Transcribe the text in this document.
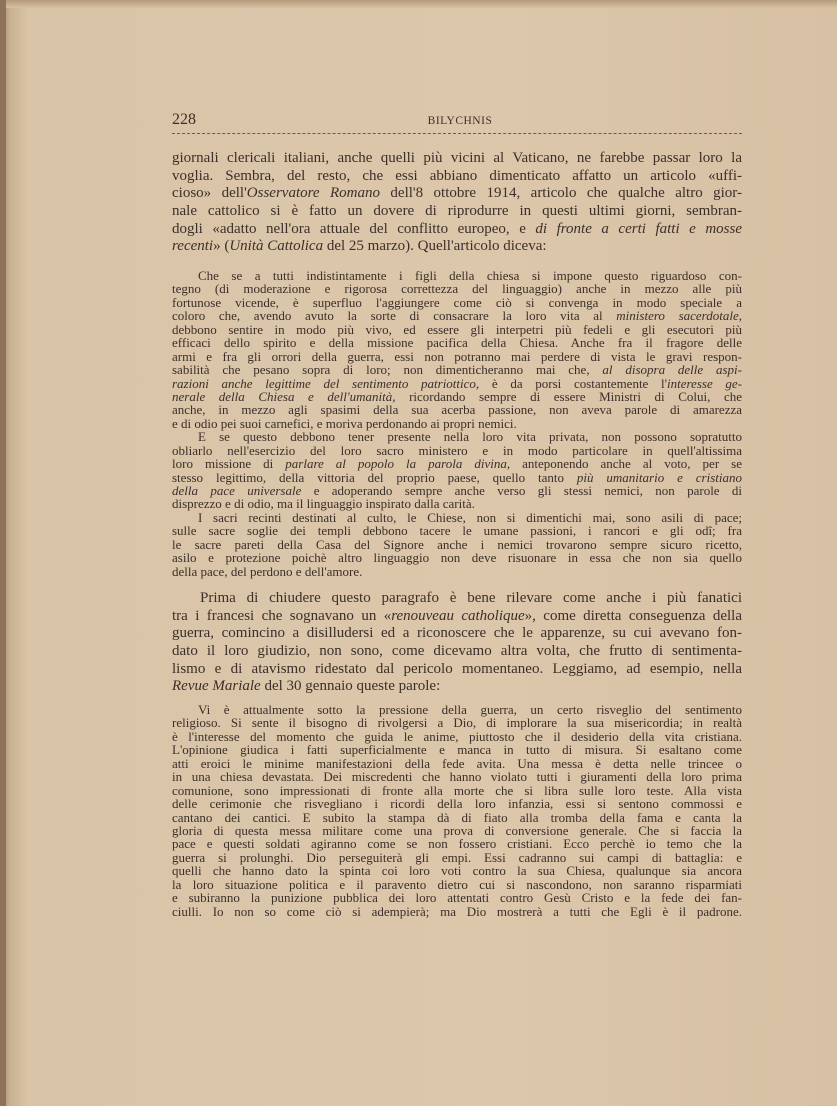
228	BILYCHNIS
giornali clericali italiani, anche quelli più vicini al Vaticano, ne farebbe passar loro la
voglia. Sembra, del resto, che essi abbiano dimenticato affatto un articolo «uffi-
cioso» dell'Osservatore Romano dell'8 ottobre 1914, articolo che qualche altro gior-
nale cattolico si è fatto un dovere di riprodurre in questi ultimi giorni, sembran-
dogli «adatto nell'ora attuale del conflitto europeo, e di fronte a certi fatti e mosse
recenti» (Unità Cattolica del 25 marzo). Quell'articolo diceva:
Che se a tutti indistintamente i figli della chiesa si impone questo riguardoso con-
tegno (di moderazione e rigorosa correttezza del linguaggio) anche in mezzo alle più
fortunose vicende, è superfluo l'aggiungere come ciò si convenga in modo speciale a
coloro che, avendo avuto la sorte di consacrare la loro vita al ministero sacerdotale,
debbono sentire in modo più vivo, ed essere gli interpetri più fedeli e gli esecutori più
efficaci dello spirito e della missione pacifica della Chiesa. Anche fra il fragore delle
armi e fra gli orrori della guerra, essi non potranno mai perdere di vista le gravi respon-
sabilità che pesano sopra di loro; non dimenticheranno mai che, al disopra delle aspi-
razioni anche legittime del sentimento patriottico, è da porsi costantemente l'interesse ge-
nerale della Chiesa e dell'umanità, ricordando sempre di essere Ministri di Colui, che
anche, in mezzo agli spasimi della sua acerba passione, non aveva parole di amarezza
e di odio pei suoi carnefici, e moriva perdonando ai propri nemici.
E se questo debbono tener presente nella loro vita privata, non possono sopratutto
obliarlo nell'esercizio del loro sacro ministero e in modo particolare in quell'altissima
loro missione di parlare al popolo la parola divina, anteponendo anche al voto, per se
stesso legittimo, della vittoria del proprio paese, quello tanto più umanitario e cristiano
della pace universale e adoperando sempre anche verso gli stessi nemici, non parole di
disprezzo e di odio, ma il linguaggio inspirato dalla carità.
I sacri recinti destinati al culto, le Chiese, non si dimentichi mai, sono asili di pace;
sulle sacre soglie dei templi debbono tacere le umane passioni, i rancori e gli odî; fra
le sacre pareti della Casa del Signore anche i nemici trovarono sempre sicuro ricetto,
asilo e protezione poichè altro linguaggio non deve risuonare in essa che non sia quello
della pace, del perdono e dell'amore.
Prima di chiudere questo paragrafo è bene rilevare come anche i più fanatici
tra i francesi che sognavano un «renouveau catholique», come diretta conseguenza della
guerra, comincino a disilludersi ed a riconoscere che le apparenze, su cui avevano fon-
dato il loro giudizio, non sono, come dicevamo altra volta, che frutto di sentimenta-
lismo e di atavismo ridestato dal pericolo momentaneo. Leggiamo, ad esempio, nella
Revue Mariale del 30 gennaio queste parole:
Vi è attualmente sotto la pressione della guerra, un certo risveglio del sentimento
religioso. Si sente il bisogno di rivolgersi a Dio, di implorare la sua misericordia; in realtà
è l'interesse del momento che guida le anime, piuttosto che il desiderio della vita cristiana.
L'opinione giudica i fatti superficialmente e manca in tutto di misura. Si esaltano come
atti eroici le minime manifestazioni della fede avita. Una messa è detta nelle trincee o
in una chiesa devastata. Dei miscredenti che hanno violato tutti i giuramenti della loro prima
comunione, sono impressionati di fronte alla morte che si libra sulle loro teste. Alla vista
delle cerimonie che risvegliano i ricordi della loro infanzia, essi si sentono commossi e
cantano dei cantici. E subito la stampa dà di fiato alla tromba della fama e canta la
gloria di questa messa militare come una prova di conversione generale. Che si faccia la
pace e questi soldati agiranno come se non fossero cristiani. Ecco perchè io temo che la
guerra si prolunghi. Dio perseguiterà gli empi. Essi cadranno sui campi di battaglia: e
quelli che hanno dato la spinta coi loro voti contro la sua Chiesa, qualunque sia ancora
la loro situazione politica e il paravento dietro cui si nascondono, non saranno risparmiati
e subiranno la punizione pubblica dei loro attentati contro Gesù Cristo e la fede dei fan-
ciulli. Io non so come ciò si adempierà; ma Dio mostrerà a tutti che Egli è il padrone.
